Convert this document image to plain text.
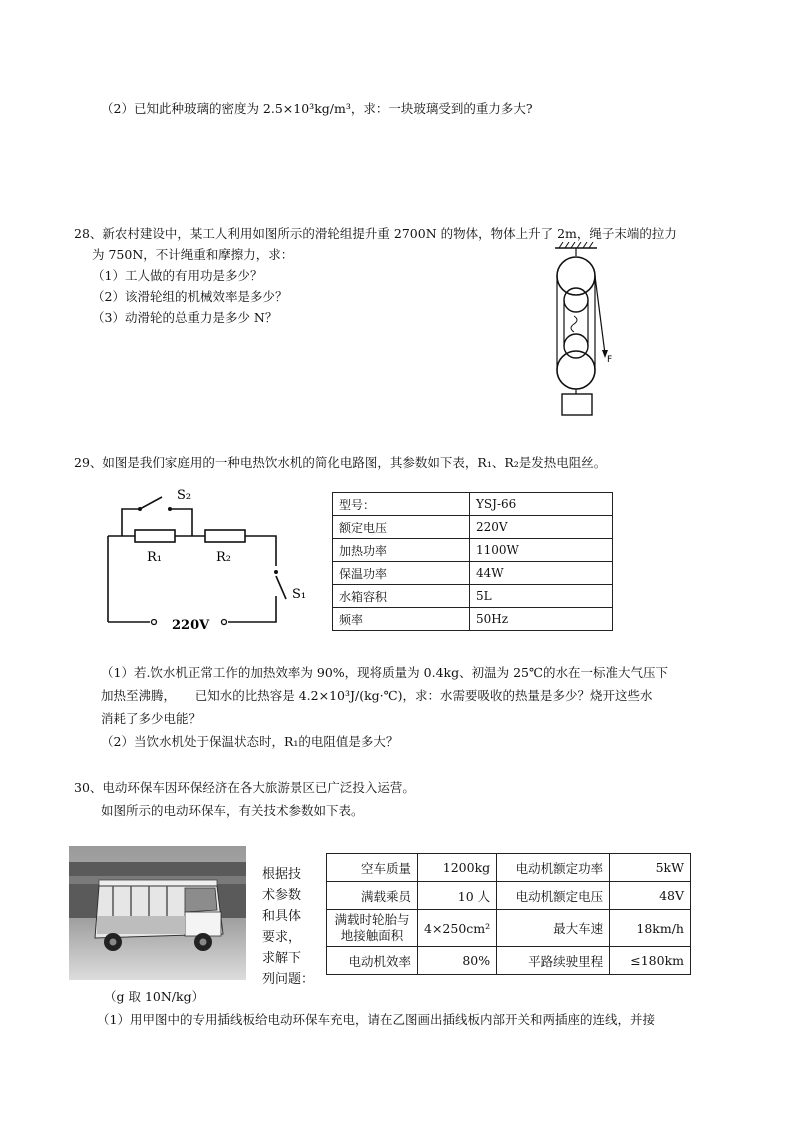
（2）已知此种玻璃的密度为 2.5×10³kg/m³，求：一块玻璃受到的重力多大?
28、新农村建设中，某工人利用如图所示的滑轮组提升重 2700N 的物体，物体上升了 2m，绳子末端的拉力
为 750N，不计绳重和摩擦力，求：
（1）工人做的有用功是多少？
（2）该滑轮组的机械效率是多少？
（3）动滑轮的总重力是多少 N？
F
29、如图是我们家庭用的一种电热饮水机的简化电路图，其参数如下表，R₁、R₂是发热电阻丝。
S₂
R₁	R₂
S₁
220V
型号：	YSJ-66
额定电压	220V
加热功率	1100W
保温功率	44W
水箱容积	5L
频率	50Hz
（1）若.饮水机正常工作的加热效率为 90%，现将质量为 0.4kg、初温为 25℃的水在一标准大气压下
加热至沸腾，　　已知水的比热容是 4.2×10³J/(kg·℃)，求：水需要吸收的热量是多少？烧开这些水
消耗了多少电能？
（2）当饮水机处于保温状态时，R₁的电阻值是多大？
30、电动环保车因环保经济在各大旅游景区已广泛投入运营。
如图所示的电动环保车，有关技术参数如下表。
根据技
术参数
和具体
要求，
求解下
列问题：
空车质量	1200kg	电动机额定功率	5kW
满载乘员	10 人	电动机额定电压	48V
满载时轮胎与地接触面积	4×250cm²	最大车速	18km/h
电动机效率	80%	平路续驶里程	≤180km
（g 取 10N/kg）
（1）用甲图中的专用插线板给电动环保车充电，请在乙图画出插线板内部开关和两插座的连线，并接
